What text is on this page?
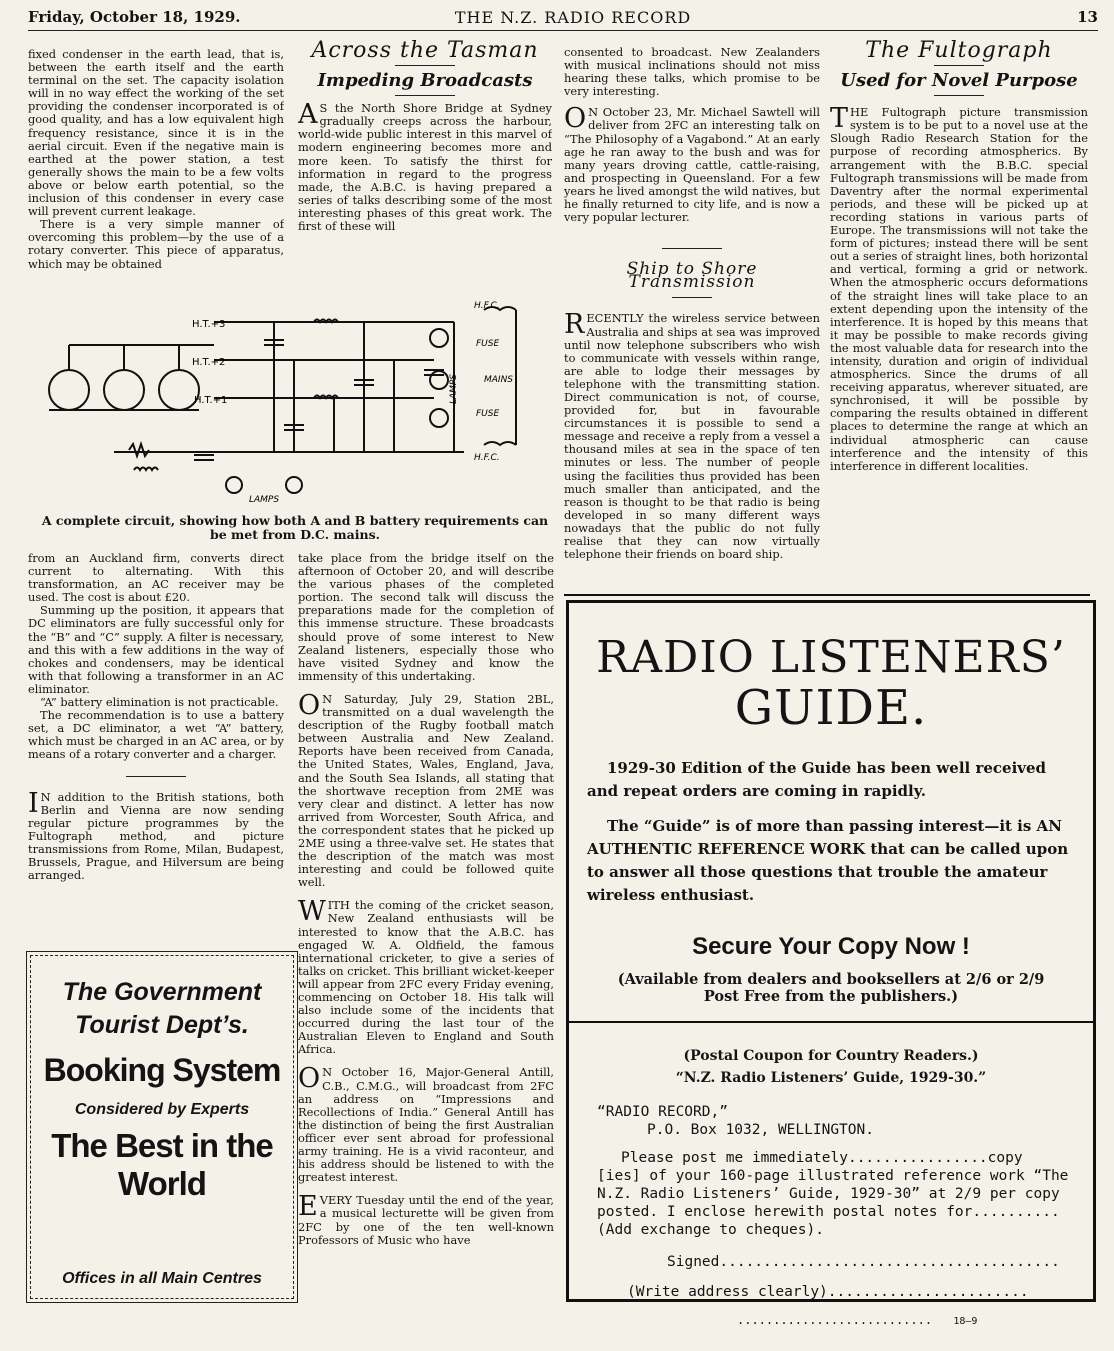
Friday, October 18, 1929.	THE N.Z. RADIO RECORD	13

fixed condenser in the earth lead, that is, between the earth itself and the earth terminal on the set. The capacity isolation will in no way effect the working of the set providing the condenser incorporated is of good quality, and has a low equivalent high frequency resistance, since it is in the aerial circuit. Even if the negative main is earthed at the power station, a test generally shows the main to be a few volts above or below earth potential, so the inclusion of this condenser in every case will prevent current leakage.

There is a very simple manner of overcoming this problem—by the use of a rotary converter. This piece of apparatus, which may be obtained

Across the Tasman
Impeding Broadcasts

A S the North Shore Bridge at Sydney gradually creeps across the harbour, world-wide public interest in this marvel of modern engineering becomes more and more keen. To satisfy the thirst for information in regard to the progress made, the A.B.C. is having prepared a series of talks describing some of the most interesting phases of this great work. The first of these will

H.T.+3
H.T.+2
H.T.+1
H.F.C.
H.F.C.
FUSE
MAINS
FUSE
LAMPS
LAMPS
A complete circuit, showing how both A and B battery requirements can be met from D.C. mains.

from an Auckland firm, converts direct current to alternating. With this transformation, an AC receiver may be used. The cost is about £20.

Summing up the position, it appears that DC eliminators are fully successful only for the “B” and “C” supply. A filter is necessary, and this with a few additions in the way of chokes and condensers, may be identical with that following a transformer in an AC eliminator.

“A” battery elimination is not practicable.

The recommendation is to use a battery set, a DC eliminator, a wet “A” battery, which must be charged in an AC area, or by means of a rotary converter and a charger.

I N addition to the British stations, both Berlin and Vienna are now sending regular picture programmes by the Fultograph method, and picture transmissions from Rome, Milan, Budapest, Brussels, Prague, and Hilversum are being arranged.

take place from the bridge itself on the afternoon of October 20, and will describe the various phases of the completed portion. The second talk will discuss the preparations made for the completion of this immense structure. These broadcasts should prove of some interest to New Zealand listeners, especially those who have visited Sydney and know the immensity of this undertaking.

O N Saturday, July 29, Station 2BL, transmitted on a dual wavelength the description of the Rugby football match between Australia and New Zealand. Reports have been received from Canada, the United States, Wales, England, Java, and the South Sea Islands, all stating that the shortwave reception from 2ME was very clear and distinct. A letter has now arrived from Worcester, South Africa, and the correspondent states that he picked up 2ME using a three-valve set. He states that the description of the match was most interesting and could be followed quite well.

WITH the coming of the cricket season, New Zealand enthusiasts will be interested to know that the A.B.C. has engaged W. A. Oldfield, the famous international cricketer, to give a series of talks on cricket. This brilliant wicket-keeper will appear from 2FC every Friday evening, commencing on October 18. His talk will also include some of the incidents that occurred during the last tour of the Australian Eleven to England and South Africa.

O N October 16, Major-General Antill, C.B., C.M.G., will broadcast from 2FC an address on “Impressions and Recollections of India.” General Antill has the distinction of being the first Australian officer ever sent abroad for professional army training. He is a vivid raconteur, and his address should be listened to with the greatest interest.

EVERY Tuesday until the end of the year, a musical lecturette will be given from 2FC by one of the ten well-known Professors of Music who have

consented to broadcast. New Zealanders with musical inclinations should not miss hearing these talks, which promise to be very interesting.

O N October 23, Mr. Michael Sawtell will deliver from 2FC an interesting talk on “The Philosophy of a Vagabond.” At an early age he ran away to the bush and was for many years droving cattle, cattle-raising, and prospecting in Queensland. For a few years he lived amongst the wild natives, but he finally returned to city life, and is now a very popular lecturer.

Ship to Shore Transmission

RECENTLY the wireless service between Australia and ships at sea was improved until now telephone subscribers who wish to communicate with vessels within range, are able to lodge their messages by telephone with the transmitting station. Direct communication is not, of course, provided for, but in favourable circumstances it is possible to send a message and receive a reply from a vessel a thousand miles at sea in the space of ten minutes or less. The number of people using the facilities thus provided has been much smaller than anticipated, and the reason is thought to be that radio is being developed in so many different ways nowadays that the public do not fully realise that they can now virtually telephone their friends on board ship.

The Fultograph
Used for Novel Purpose

THE Fultograph picture transmission system is to be put to a novel use at the Slough Radio Research Station for the purpose of recording atmospherics. By arrangement with the B.B.C. special Fultograph transmissions will be made from Daventry after the normal experimental periods, and these will be picked up at recording stations in various parts of Europe. The transmissions will not take the form of pictures; instead there will be sent out a series of straight lines, both horizontal and vertical, forming a grid or network. When the atmospheric occurs deformations of the straight lines will take place to an extent depending upon the intensity of the interference. It is hoped by this means that it may be possible to make records giving the most valuable data for research into the intensity, duration and origin of individual atmospherics. Since the drums of all receiving apparatus, wherever situated, are synchronised, it will be possible by comparing the results obtained in different places to determine the range at which an individual atmospheric can cause interference and the intensity of this interference in different localities.

The Government
Tourist Dept’s.
Booking System
Considered by Experts
The Best in the
World
Offices in all Main Centres
RADIO LISTENERS’
GUIDE.

1929-30 Edition of the Guide has been well received and repeat orders are coming in rapidly.

The “Guide” is of more than passing interest—it is AN AUTHENTIC REFERENCE WORK that can be called upon to answer all those questions that trouble the amateur wireless enthusiast.

Secure Your Copy Now !
(Available from dealers and booksellers at 2/6 or 2/9
Post Free from the publishers.)
(Postal Coupon for Country Readers.)
“N.Z. Radio Listeners’ Guide, 1929-30.”
“RADIO RECORD,”
P.O. Box 1032, WELLINGTON.
Please post me immediately................copy
[ies] of your 160-page illustrated reference work “The
N.Z. Radio Listeners’ Guide, 1929-30” at 2/9 per copy
posted. I enclose herewith postal notes for..........
(Add exchange to cheques).
Signed.......................................
(Write address clearly).......................
........................... 18—9
